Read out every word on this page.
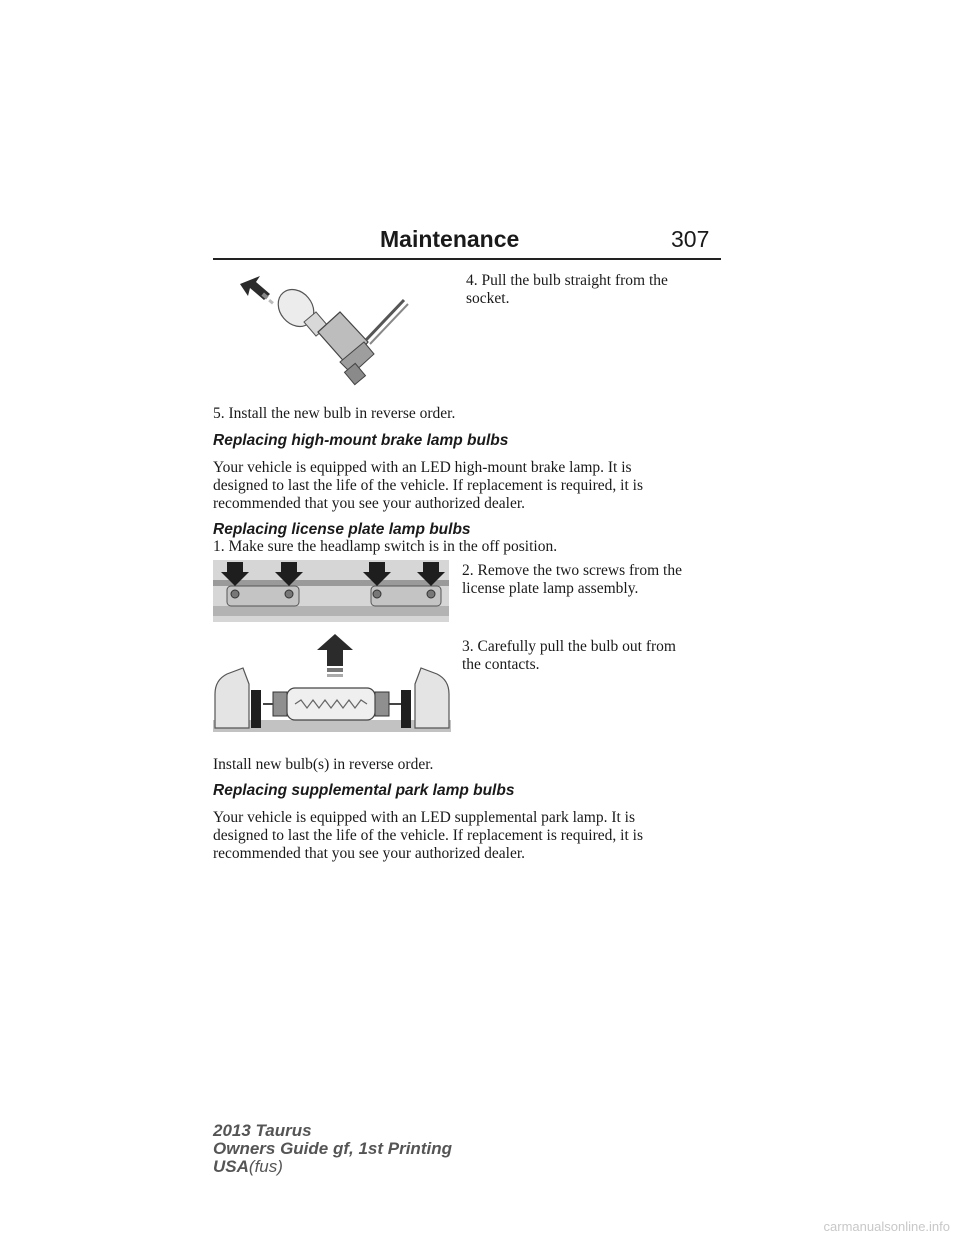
Maintenance	307
4. Pull the bulb straight from the
socket.
5. Install the new bulb in reverse order.
Replacing high-mount brake lamp bulbs
Your vehicle is equipped with an LED high-mount brake lamp. It is
designed to last the life of the vehicle. If replacement is required, it is
recommended that you see your authorized dealer.
Replacing license plate lamp bulbs
1. Make sure the headlamp switch is in the off position.
2. Remove the two screws from the
license plate lamp assembly.
3. Carefully pull the bulb out from
the contacts.
Install new bulb(s) in reverse order.
Replacing supplemental park lamp bulbs
Your vehicle is equipped with an LED supplemental park lamp. It is
designed to last the life of the vehicle. If replacement is required, it is
recommended that you see your authorized dealer.
2013 Taurus
Owners Guide gf, 1st Printing
USA(fus)
carmanualsonline.info
